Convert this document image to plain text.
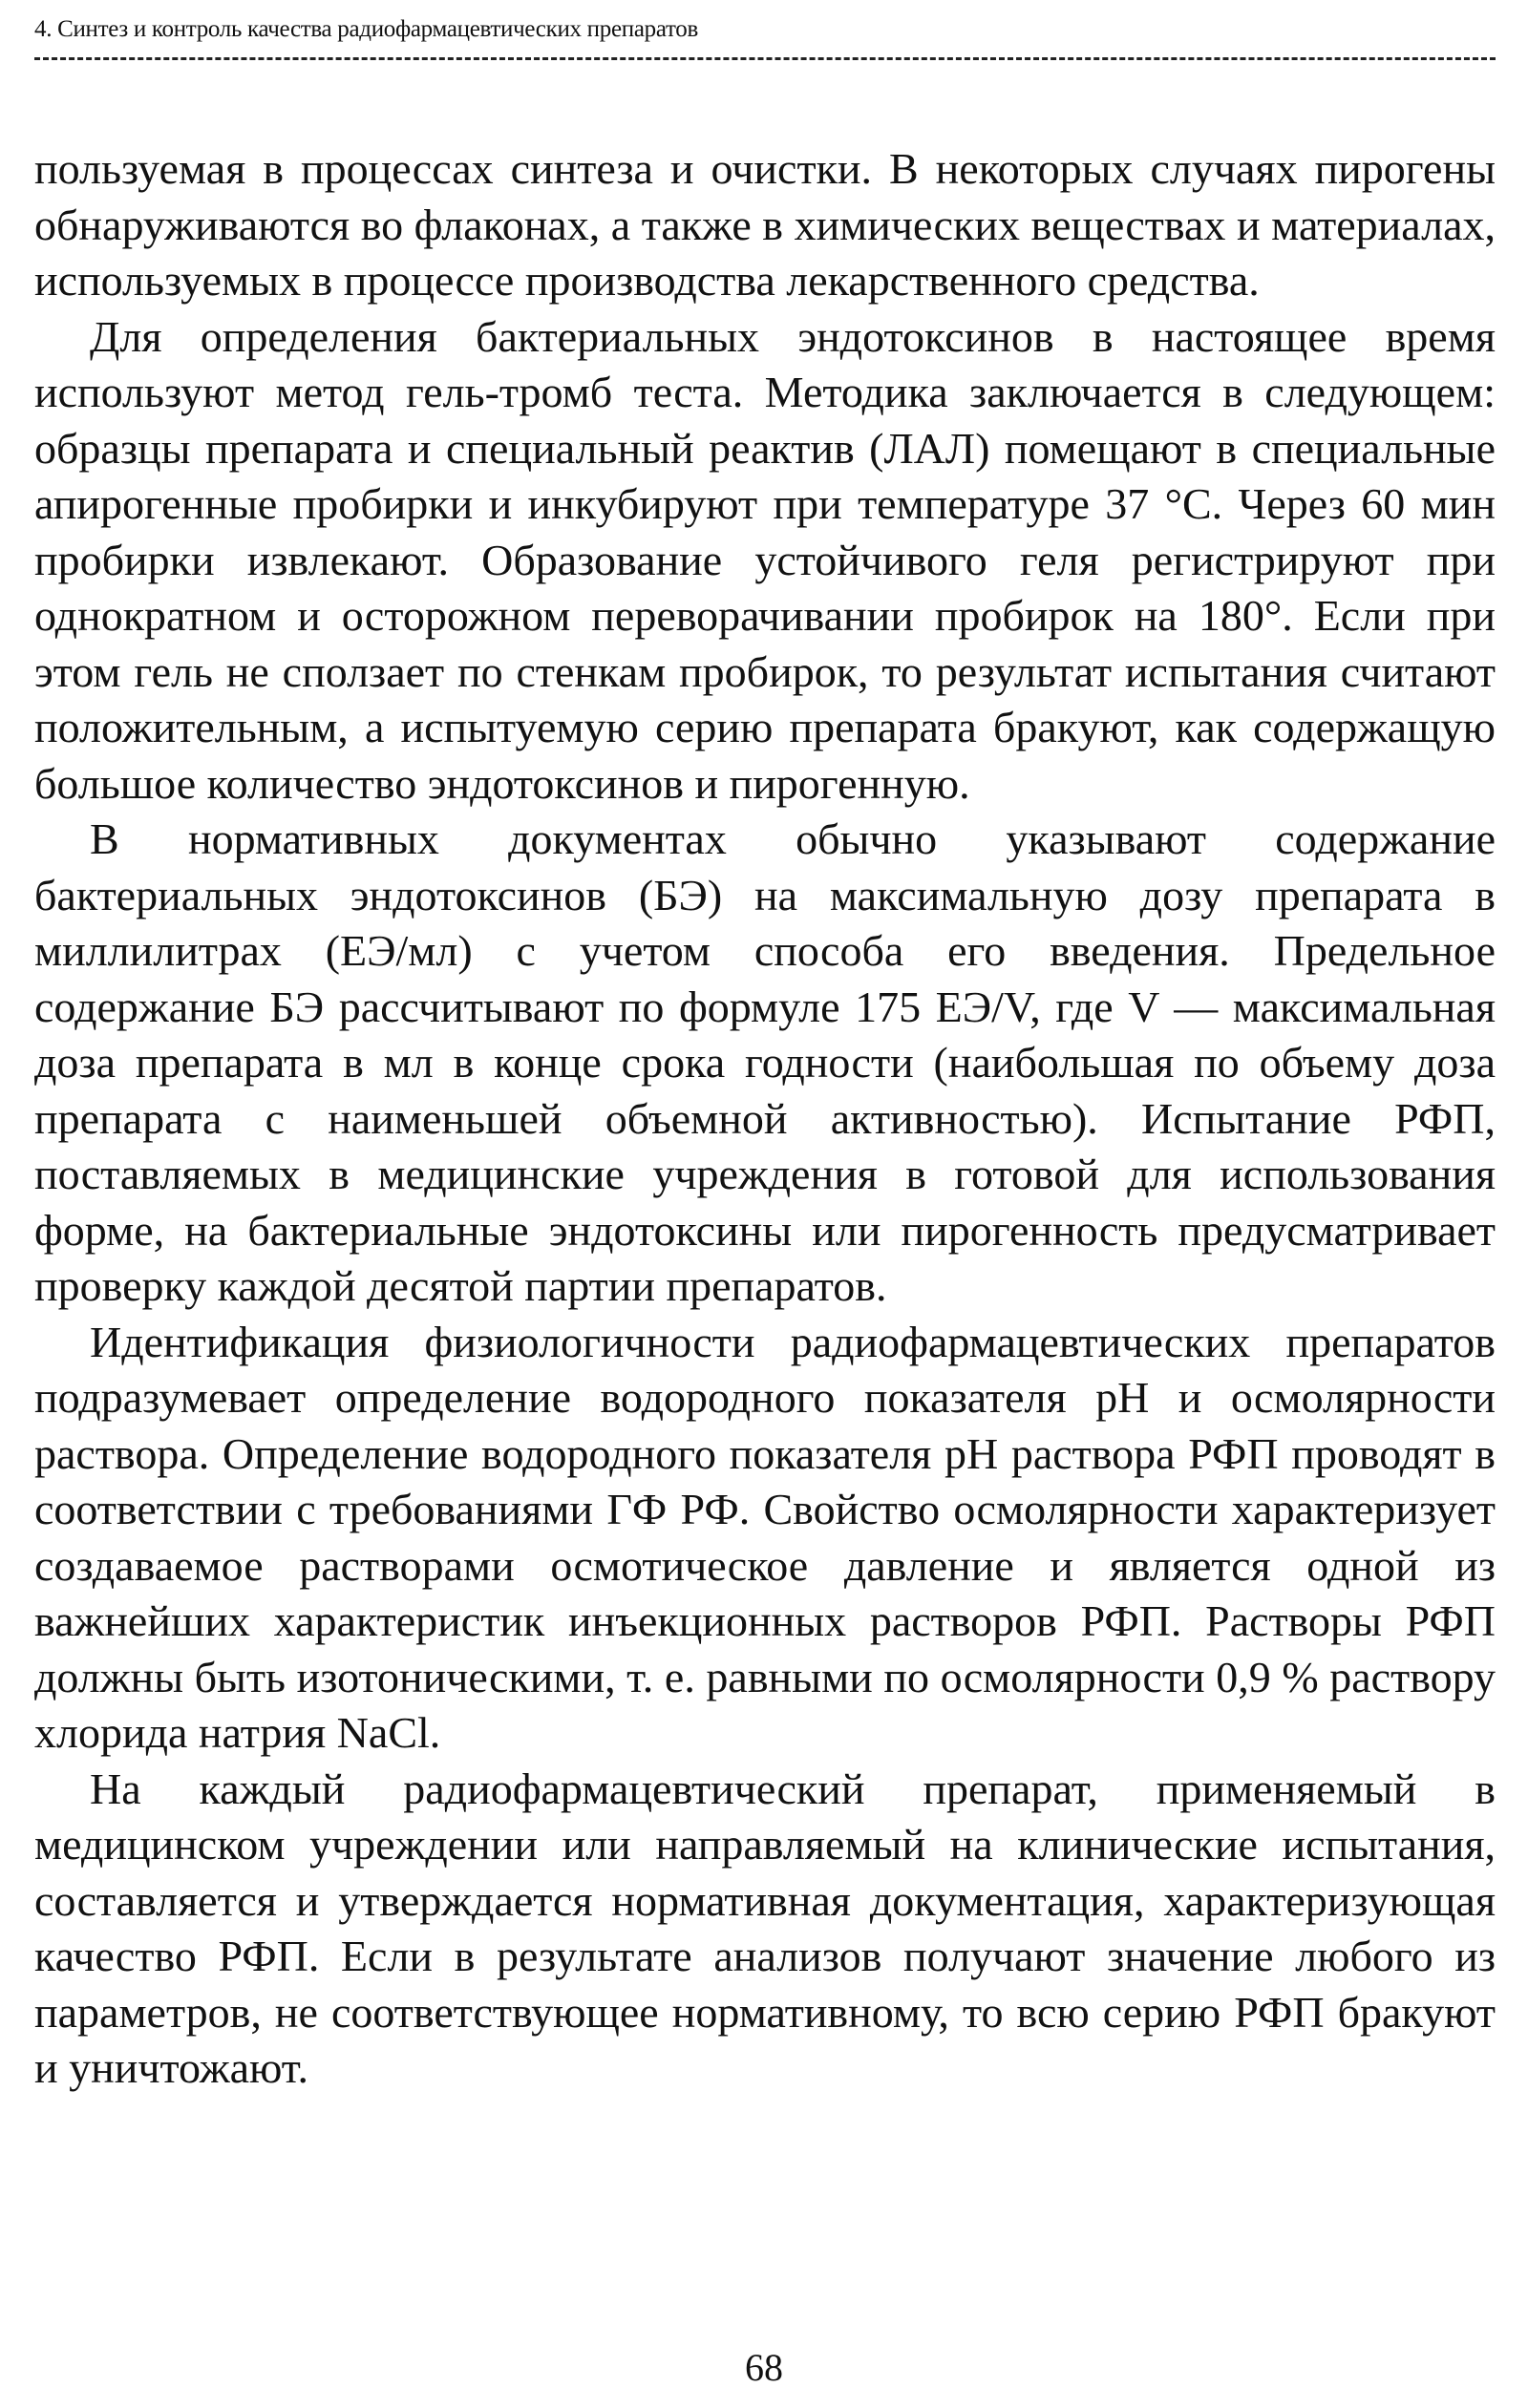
4. Синтез и контроль качества радиофармацевтических препаратов

пользуемая в процессах синтеза и очистки. В некоторых случаях пирогены обнаруживаются во флаконах, а также в химических веществах и материалах, используемых в процессе производства лекарственного средства.

Для определения бактериальных эндотоксинов в настоящее время используют метод гель-тромб теста. Методика заключается в следующем: образцы препарата и специальный реактив (ЛАЛ) помещают в специальные апирогенные пробирки и инкубируют при температуре 37 °С. Через 60 мин пробирки извлекают. Образование устойчивого геля регистрируют при однократном и осторожном переворачивании пробирок на 180°. Если при этом гель не сползает по стенкам пробирок, то результат испытания считают положительным, а испытуемую серию препарата бракуют, как содержащую большое количество эндотоксинов и пирогенную.

В нормативных документах обычно указывают содержание бактериальных эндотоксинов (БЭ) на максимальную дозу препарата в миллилитрах (ЕЭ/мл) с учетом способа его введения. Предельное содержание БЭ рассчитывают по формуле 175 ЕЭ/V, где V — максимальная доза препарата в мл в конце срока годности (наибольшая по объему доза препарата с наименьшей объемной активностью). Испытание РФП, поставляемых в медицинские учреждения в готовой для использования форме, на бактериальные эндотоксины или пирогенность предусматривает проверку каждой десятой партии препаратов.

Идентификация физиологичности радиофармацевтических препаратов подразумевает определение водородного показателя pH и осмолярности раствора. Определение водородного показателя pH раствора РФП проводят в соответствии с требованиями ГФ РФ. Свойство осмолярности характеризует создаваемое растворами осмотическое давление и является одной из важнейших характеристик инъекционных растворов РФП. Растворы РФП должны быть изотоническими, т. е. равными по осмолярности 0,9 % раствору хлорида натрия NaCl.

На каждый радиофармацевтический препарат, применяемый в медицинском учреждении или направляемый на клинические испытания, составляется и утверждается нормативная документация, характеризующая качество РФП. Если в результате анализов получают значение любого из параметров, не соответствующее нормативному, то всю серию РФП бракуют и уничтожают.

68
